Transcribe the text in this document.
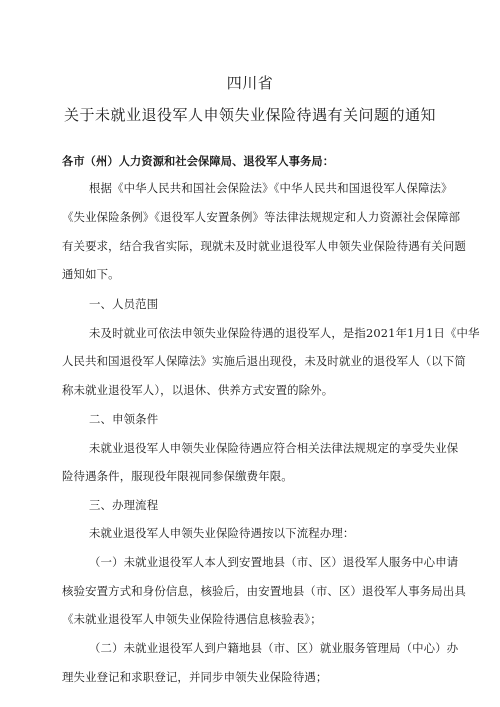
四川省
关于未就业退役军人申领失业保险待遇有关问题的通知
各市（州）人力资源和社会保障局、退役军人事务局：
根据《中华人民共和国社会保险法》《中华人民共和国退役军人保障法》
《失业保险条例》《退役军人安置条例》等法律法规规定和人力资源社会保障部
有关要求，结合我省实际，现就未及时就业退役军人申领失业保险待遇有关问题
通知如下。
一、人员范围
未及时就业可依法申领失业保险待遇的退役军人，是指2021年1月1日《中华
人民共和国退役军人保障法》实施后退出现役，未及时就业的退役军人（以下简
称未就业退役军人），以退休、供养方式安置的除外。
二、申领条件
未就业退役军人申领失业保险待遇应符合相关法律法规规定的享受失业保
险待遇条件，服现役年限视同参保缴费年限。
三、办理流程
未就业退役军人申领失业保险待遇按以下流程办理：
（一）未就业退役军人本人到安置地县（市、区）退役军人服务中心申请
核验安置方式和身份信息，核验后，由安置地县（市、区）退役军人事务局出具
《未就业退役军人申领失业保险待遇信息核验表》；
（二）未就业退役军人到户籍地县（市、区）就业服务管理局（中心）办
理失业登记和求职登记，并同步申领失业保险待遇；
